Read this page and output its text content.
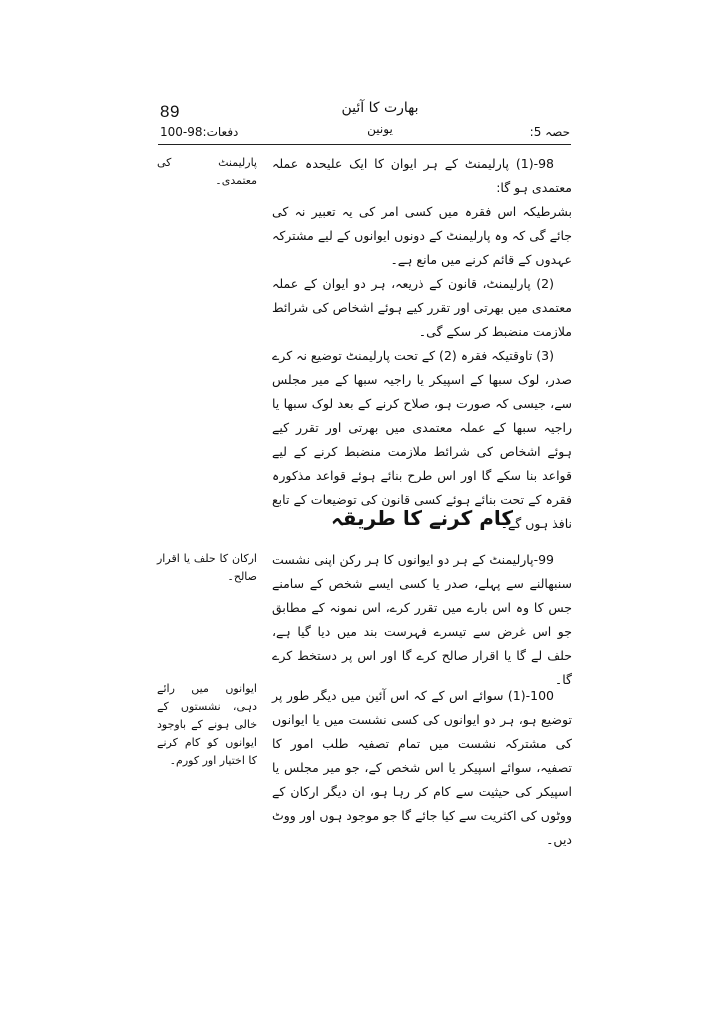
89
دفعات:98-100
بھارت کا آئین
یونین	حصہ 5:

98-(1) پارلیمنٹ کے ہر ایوان کا ایک علیحدہ عملہ معتمدی ہو گا:

بشرطیکہ اس فقرہ میں کسی امر کی یہ تعبیر نہ کی جائے گی کہ وہ پارلیمنٹ کے دونوں ایوانوں کے لیے مشترکہ عہدوں کے قائم کرنے میں مانع ہے۔

(2) پارلیمنٹ، قانون کے ذریعہ، ہر دو ایوان کے عملہ معتمدی میں بھرتی اور تقرر کیے ہوئے اشخاص کی شرائط ملازمت منضبط کر سکے گی۔

(3) تاوقتیکہ فقرہ (2) کے تحت پارلیمنٹ توضیع نہ کرے صدر، لوک سبھا کے اسپیکر یا راجیہ سبھا کے میر مجلس سے، جیسی کہ صورت ہو، صلاح کرنے کے بعد لوک سبھا یا راجیہ سبھا کے عملہ معتمدی میں بھرتی اور تقرر کیے ہوئے اشخاص کی شرائط ملازمت منضبط کرنے کے لیے قواعد بنا سکے گا اور اس طرح بنائے ہوئے قواعد مذکورہ فقرہ کے تحت بنائے ہوئے کسی قانون کی توضیعات کے تابع نافذ ہوں گے۔

کام کرنے کا طریقہ

99-پارلیمنٹ کے ہر دو ایوانوں کا ہر رکن اپنی نشست سنبھالنے سے پہلے، صدر یا کسی ایسے شخص کے سامنے جس کا وہ اس بارے میں تقرر کرے، اس نمونہ کے مطابق جو اس غرض سے تیسرے فہرست بند میں دیا گیا ہے، حلف لے گا یا اقرار صالح کرے گا اور اس پر دستخط کرے گا۔

100-(1) سوائے اس کے کہ اس آئین میں دیگر طور پر توضیع ہو، ہر دو ایوانوں کی کسی نشست میں یا ایوانوں کی مشترکہ نشست میں تمام تصفیہ طلب امور کا تصفیہ، سوائے اسپیکر یا اس شخص کے، جو میر مجلس یا اسپیکر کی حیثیت سے کام کر رہا ہو، ان دیگر ارکان کے ووٹوں کی اکثریت سے کیا جائے گا جو موجود ہوں اور ووٹ دیں۔

پارلیمنٹ کی معتمدی۔
ارکان کا حلف یا اقرار صالح۔
ایوانوں میں رائے دہی، نشستوں کے خالی ہونے کے باوجود ایوانوں کو کام کرنے کا اختیار اور کورم۔
